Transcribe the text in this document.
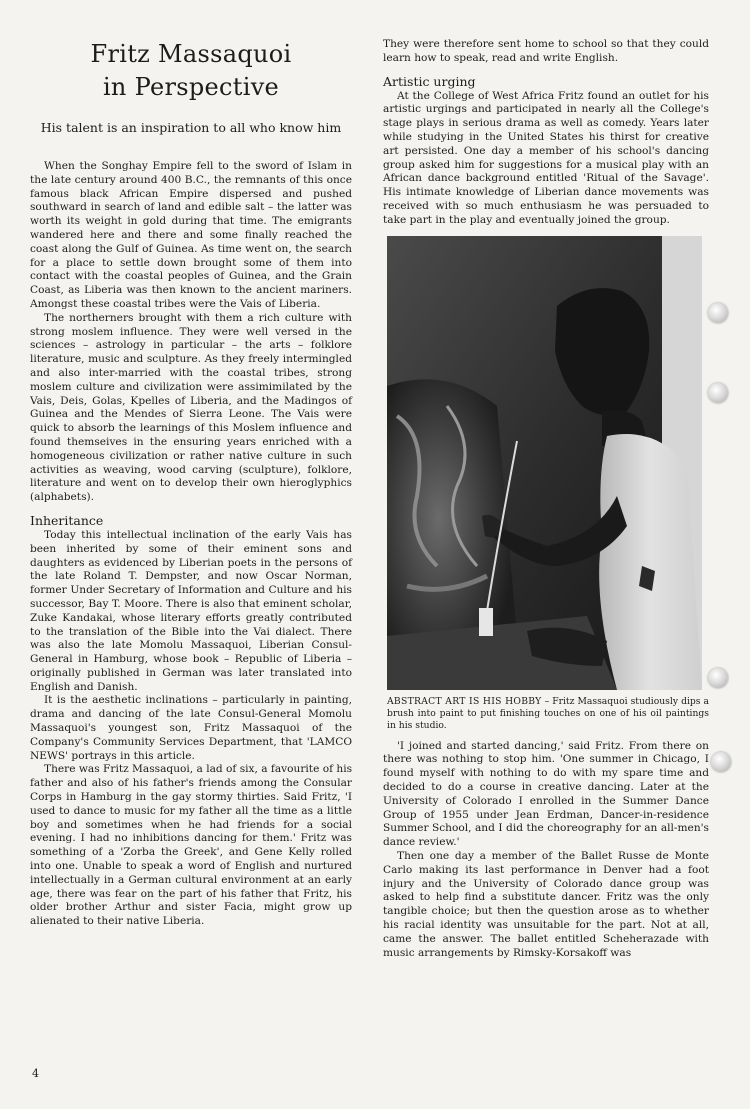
Fritz Massaquoi
in Perspective
His talent is an inspiration to all who know him

When the Songhay Empire fell to the sword of Islam in the late century around 400 B.C., the remnants of this once famous black African Empire dispersed and pushed southward in search of land and edible salt – the latter was worth its weight in gold during that time. The emigrants wandered here and there and some finally reached the coast along the Gulf of Guinea. As time went on, the search for a place to settle down brought some of them into contact with the coastal peoples of Guinea, and the Grain Coast, as Liberia was then known to the ancient mariners. Amongst these coastal tribes were the Vais of Liberia.

The northerners brought with them a rich culture with strong moslem influence. They were well versed in the sciences – astrology in particular – the arts – folklore literature, music and sculpture. As they freely intermingled and also inter-married with the coastal tribes, strong moslem culture and civilization were assimimilated by the Vais, Deis, Golas, Kpelles of Liberia, and the Madingos of Guinea and the Mendes of Sierra Leone. The Vais were quick to absorb the learnings of this Moslem influence and found themseives in the ensuring years enriched with a homogeneous civilization or rather native culture in such activities as weaving, wood carving (sculpture), folklore, literature and went on to develop their own hieroglyphics (alphabets).

Inheritance

Today this intellectual inclination of the early Vais has been inherited by some of their eminent sons and daughters as evidenced by Liberian poets in the persons of the late Roland T. Dempster, and now Oscar Norman, former Under Secretary of Information and Culture and his successor, Bay T. Moore. There is also that eminent scholar, Zuke Kandakai, whose literary efforts greatly contributed to the translation of the Bible into the Vai dialect. There was also the late Momolu Massaquoi, Liberian Consul-General in Hamburg, whose book – Republic of Liberia – originally published in German was later translated into English and Danish.

It is the aesthetic inclinations – particularly in painting, drama and dancing of the late Consul-General Momolu Massaquoi's youngest son, Fritz Massaquoi of the Company's Community Services Department, that 'LAMCO NEWS' portrays in this article.

There was Fritz Massaquoi, a lad of six, a favourite of his father and also of his father's friends among the Consular Corps in Hamburg in the gay stormy thirties. Said Fritz, 'I used to dance to music for my father all the time as a little boy and sometimes when he had friends for a social evening. I had no inhibitions dancing for them.' Fritz was something of a 'Zorba the Greek', and Gene Kelly rolled into one. Unable to speak a word of English and nurtured intellectually in a German cultural environment at an early age, there was fear on the part of his father that Fritz, his older brother Arthur and sister Facia, might grow up alienated to their native Liberia.

They were therefore sent home to school so that they could learn how to speak, read and write English.

Artistic urging

At the College of West Africa Fritz found an outlet for his artistic urgings and participated in nearly all the College's stage plays in serious drama as well as comedy. Years later while studying in the United States his thirst for creative art persisted. One day a member of his school's dancing group asked him for suggestions for a musical play with an African dance background entitled 'Ritual of the Savage'. His intimate knowledge of Liberian dance movements was received with so much enthusiasm he was persuaded to take part in the play and eventually joined the group.

ABSTRACT ART IS HIS HOBBY – Fritz Massaquoi studiously dips a brush into paint to put finishing touches on one of his oil paintings in his studio.

'I joined and started dancing,' said Fritz. From there on there was nothing to stop him. 'One summer in Chicago, I found myself with nothing to do with my spare time and decided to do a course in creative dancing. Later at the University of Colorado I enrolled in the Summer Dance Group of 1955 under Jean Erdman, Dancer-in-residence Summer School, and I did the choreography for an all-men's dance review.'

Then one day a member of the Ballet Russe de Monte Carlo making its last performance in Denver had a foot injury and the University of Colorado dance group was asked to help find a substitute dancer. Fritz was the only tangible choice; but then the question arose as to whether his racial identity was unsuitable for the part. Not at all, came the answer. The ballet entitled Scheherazade with music arrangements by Rimsky-Korsakoff was

4
